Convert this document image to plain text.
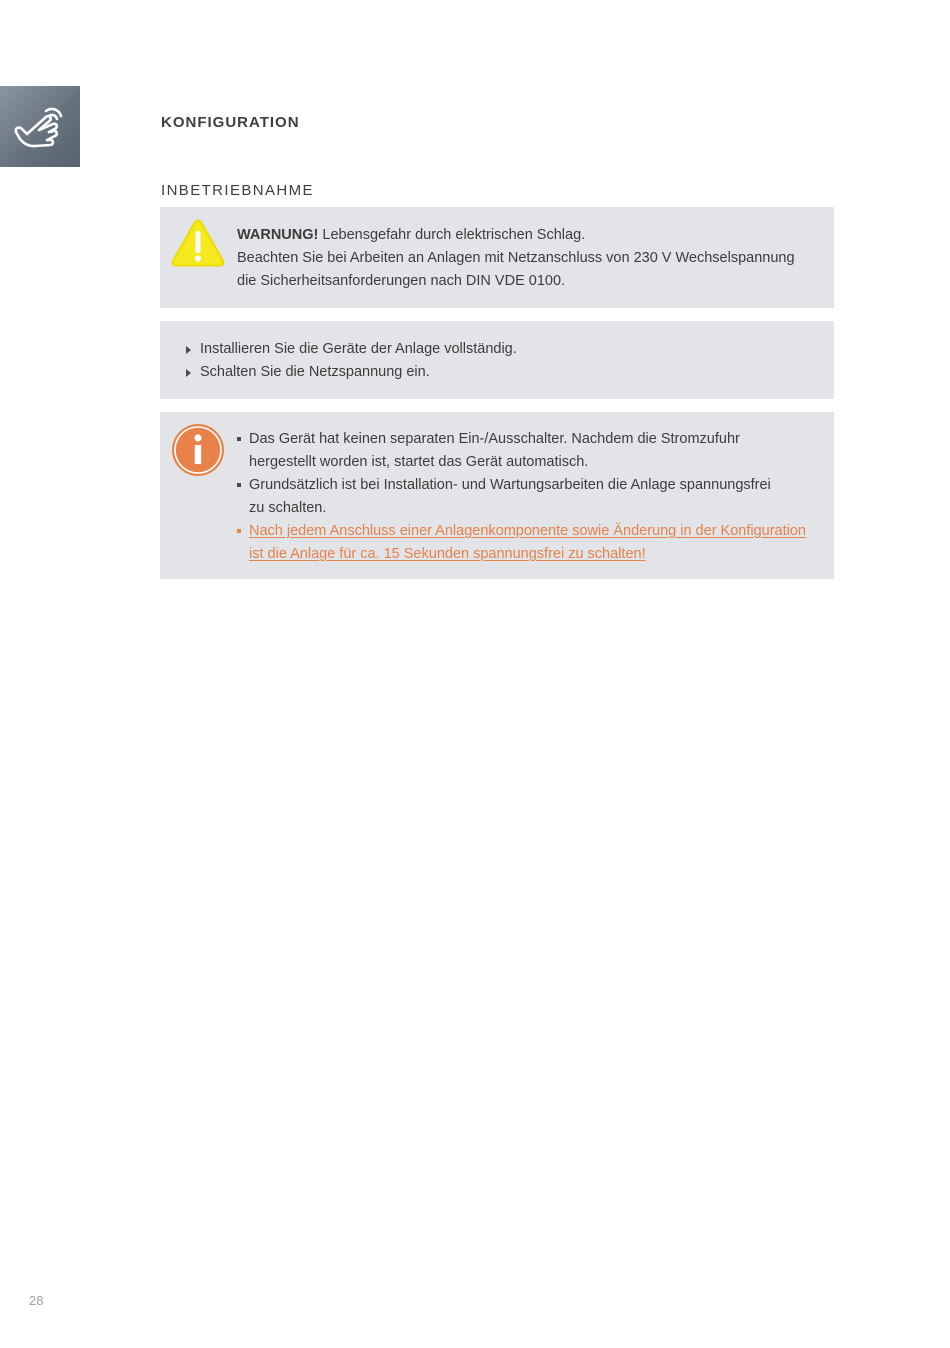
KONFIGURATION
INBETRIEBNAHME
WARNUNG! Lebensgefahr durch elektrischen Schlag.
Beachten Sie bei Arbeiten an Anlagen mit Netzanschluss von 230 V Wechselspannung
die Sicherheitsanforderungen nach DIN VDE 0100.
Installieren Sie die Geräte der Anlage vollständig.
Schalten Sie die Netzspannung ein.
Das Gerät hat keinen separaten Ein-/Ausschalter. Nachdem die Stromzufuhr
hergestellt worden ist, startet das Gerät automatisch.
Grundsätzlich ist bei Installation- und Wartungsarbeiten die Anlage spannungsfrei
zu schalten.
Nach jedem Anschluss einer Anlagenkomponente sowie Änderung in der Konfiguration
ist die Anlage für ca. 15 Sekunden spannungsfrei zu schalten!
28
